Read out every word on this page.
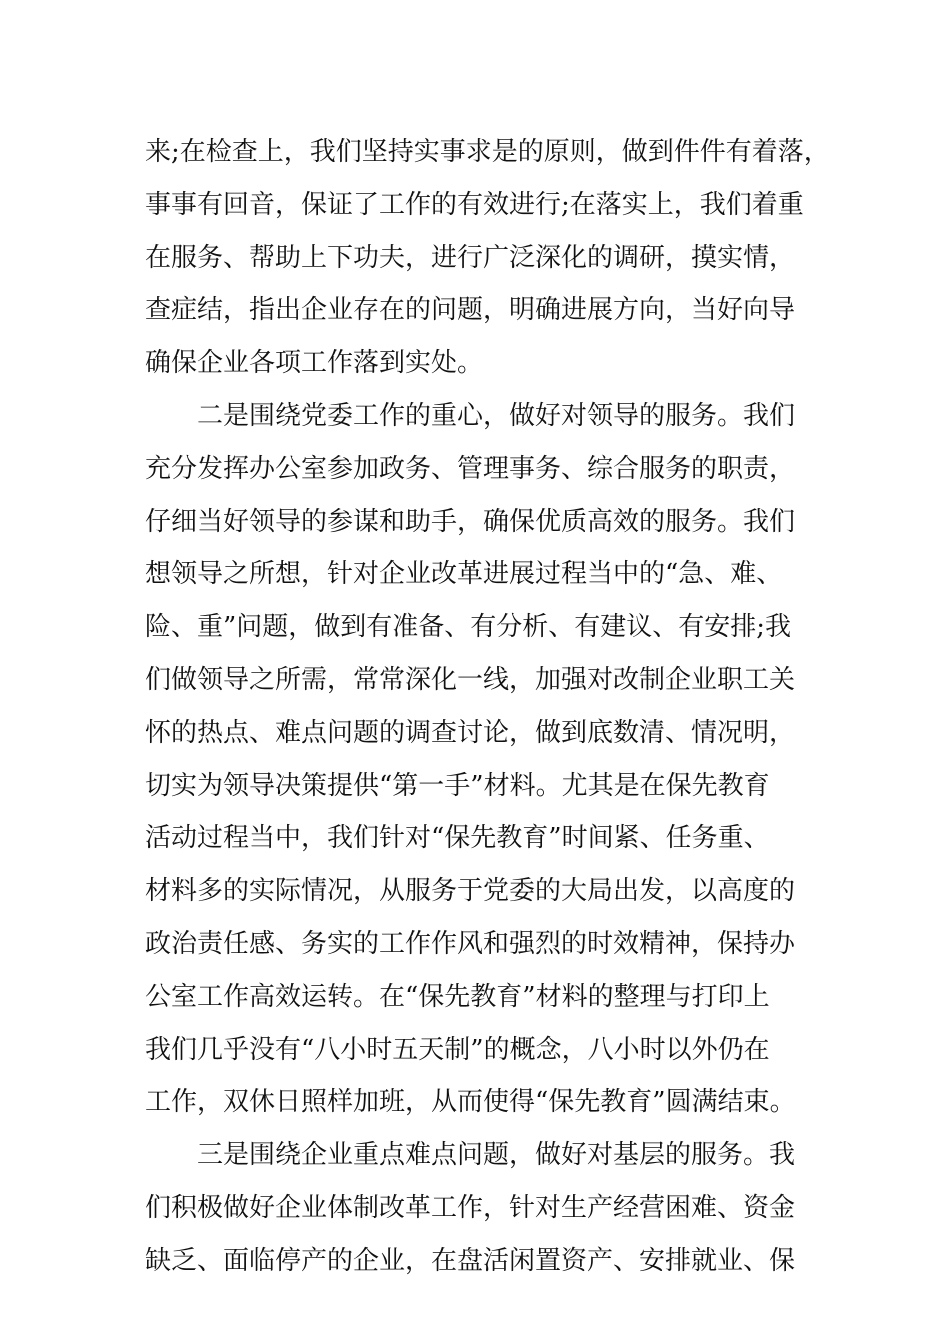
来;在检查上，我们坚持实事求是的原则，做到件件有着落，
事事有回音，保证了工作的有效进行;在落实上，我们着重
在服务、帮助上下功夫，进行广泛深化的调研，摸实情，
查症结，指出企业存在的问题，明确进展方向，当好向导
确保企业各项工作落到实处。
二是围绕党委工作的重心，做好对领导的服务。我们
充分发挥办公室参加政务、管理事务、综合服务的职责，
仔细当好领导的参谋和助手，确保优质高效的服务。我们
想领导之所想，针对企业改革进展过程当中的“急、难、
险、重”问题，做到有准备、有分析、有建议、有安排;我
们做领导之所需，常常深化一线，加强对改制企业职工关
怀的热点、难点问题的调查讨论，做到底数清、情况明，
切实为领导决策提供“第一手”材料。尤其是在保先教育
活动过程当中，我们针对“保先教育”时间紧、任务重、
材料多的实际情况，从服务于党委的大局出发，以高度的
政治责任感、务实的工作作风和强烈的时效精神，保持办
公室工作高效运转。在“保先教育”材料的整理与打印上
我们几乎没有“八小时五天制”的概念，八小时以外仍在
工作，双休日照样加班，从而使得“保先教育”圆满结束。
三是围绕企业重点难点问题，做好对基层的服务。我
们积极做好企业体制改革工作，针对生产经营困难、资金
缺乏、面临停产的企业，在盘活闲置资产、安排就业、保
